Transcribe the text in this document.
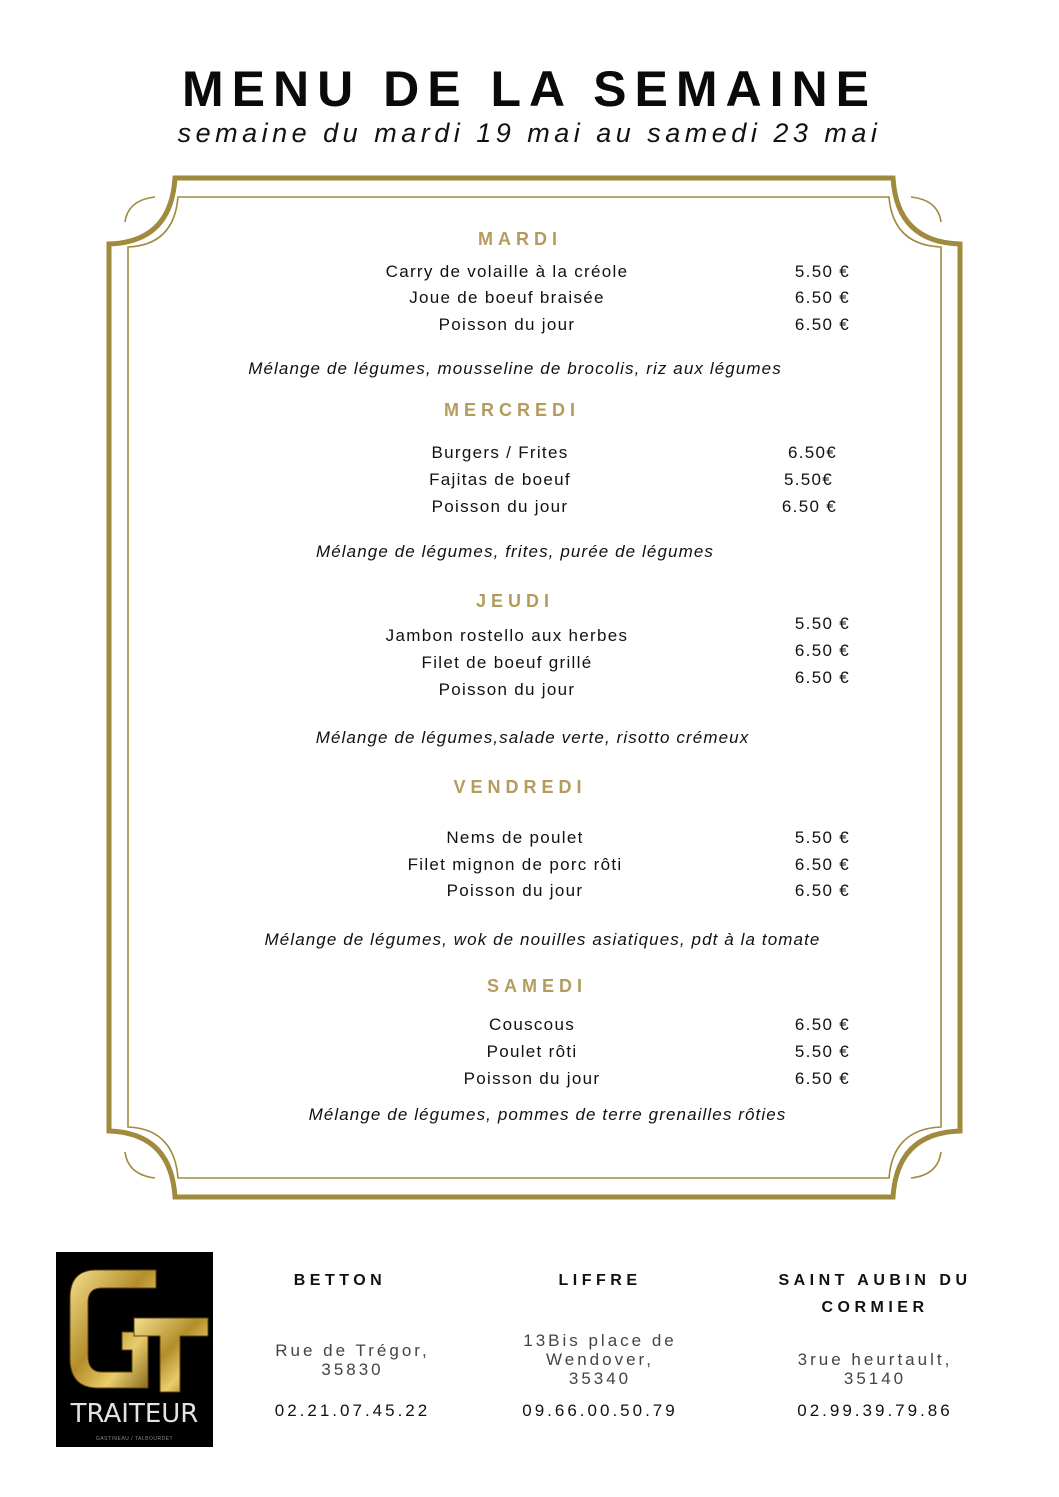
MENU DE LA SEMAINE
semaine du mardi 19 mai au samedi 23 mai
MARDI
Carry de volaille à la créole
Joue de boeuf braisée
Poisson du jour
5.50 €
6.50 €
6.50 €
Mélange de légumes, mousseline de brocolis, riz aux légumes
MERCREDI
Burgers / Frites
Fajitas de boeuf
Poisson du jour
6.50€
5.50€
6.50 €
Mélange de légumes, frites, purée de légumes
JEUDI
Jambon rostello aux herbes
Filet de boeuf grillé
Poisson du jour
5.50 €
6.50 €
6.50 €
Mélange de légumes,salade verte, risotto crémeux
VENDREDI
Nems de poulet
Filet mignon de porc rôti
Poisson du jour
5.50 €
6.50 €
6.50 €
Mélange de légumes, wok de nouilles asiatiques, pdt à la tomate
SAMEDI
Couscous
Poulet rôti
Poisson du jour
6.50 €
5.50 €
6.50 €
Mélange de légumes, pommes de terre grenailles rôties
TRAITEUR
GASTINEAU / TALBOURDET
BETTON
Rue de Trégor,
35830
02.21.07.45.22
LIFFRE
13Bis place de
Wendover,
35340
09.66.00.50.79
SAINT AUBIN DU CORMIER
3rue heurtault,
35140
02.99.39.79.86
